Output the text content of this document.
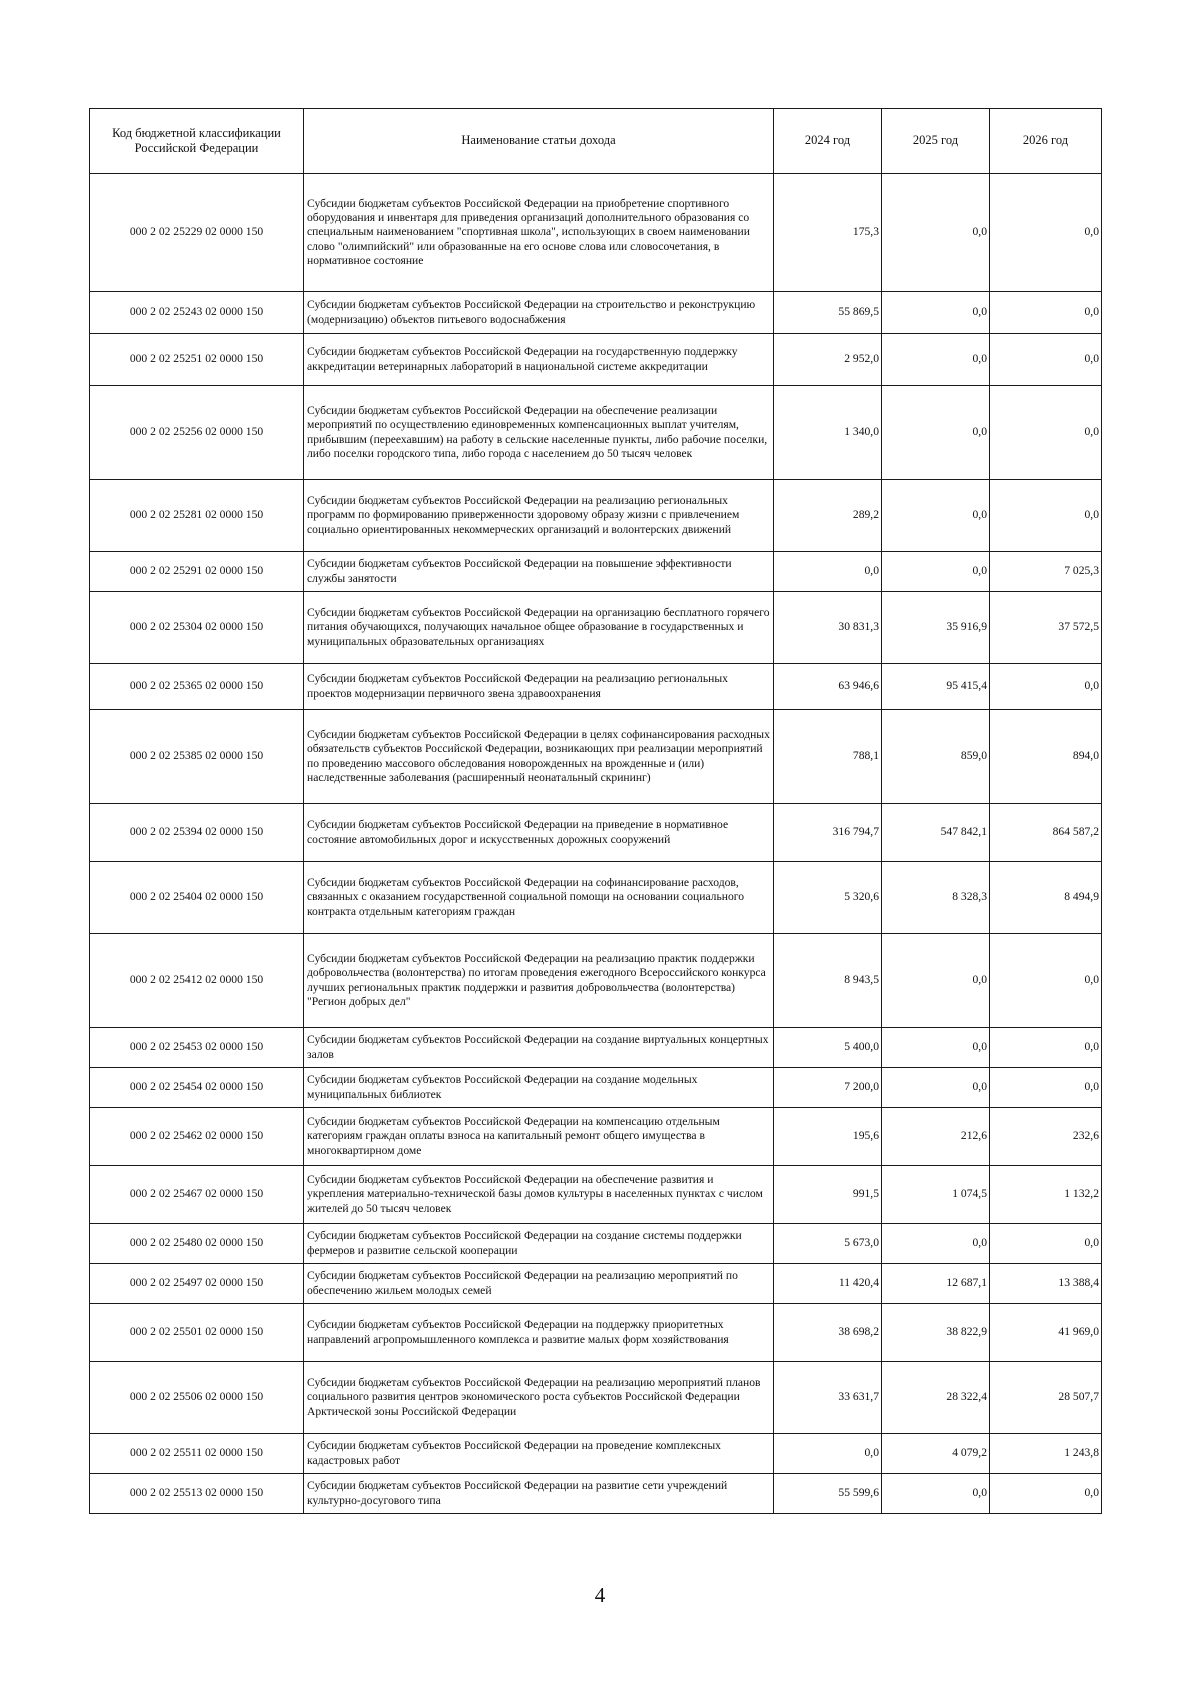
Код бюджетной классификации Российской Федерации	Наименование статьи дохода	2024 год	2025 год	2026 год
000 2 02 25229 02 0000 150	Субсидии бюджетам субъектов Российской Федерации на приобретение спортивного оборудования и инвентаря для приведения организаций дополнительного образования со специальным наименованием "спортивная школа", использующих в своем наименовании слово "олимпийский" или образованные на его основе слова или словосочетания, в нормативное состояние	175,3	0,0	0,0
000 2 02 25243 02 0000 150	Субсидии бюджетам субъектов Российской Федерации на строительство и реконструкцию (модернизацию) объектов питьевого водоснабжения	55 869,5	0,0	0,0
000 2 02 25251 02 0000 150	Субсидии бюджетам субъектов Российской Федерации на государственную поддержку аккредитации ветеринарных лабораторий в национальной системе аккредитации	2 952,0	0,0	0,0
000 2 02 25256 02 0000 150	Субсидии бюджетам субъектов Российской Федерации на обеспечение реализации мероприятий по осуществлению единовременных компенсационных выплат учителям, прибывшим (переехавшим) на работу в сельские населенные пункты, либо рабочие поселки, либо поселки городского типа, либо города с населением до 50 тысяч человек	1 340,0	0,0	0,0
000 2 02 25281 02 0000 150	Субсидии бюджетам субъектов Российской Федерации на реализацию региональных программ по формированию приверженности здоровому образу жизни с привлечением социально ориентированных некоммерческих организаций и волонтерских движений	289,2	0,0	0,0
000 2 02 25291 02 0000 150	Субсидии бюджетам субъектов Российской Федерации на повышение эффективности службы занятости	0,0	0,0	7 025,3
000 2 02 25304 02 0000 150	Субсидии бюджетам субъектов Российской Федерации на организацию бесплатного горячего питания обучающихся, получающих начальное общее образование в государственных и муниципальных образовательных организациях	30 831,3	35 916,9	37 572,5
000 2 02 25365 02 0000 150	Субсидии бюджетам субъектов Российской Федерации на реализацию региональных проектов модернизации первичного звена здравоохранения	63 946,6	95 415,4	0,0
000 2 02 25385 02 0000 150	Субсидии бюджетам субъектов Российской Федерации в целях софинансирования расходных обязательств субъектов Российской Федерации, возникающих при реализации мероприятий по проведению массового обследования новорожденных на врожденные и (или) наследственные заболевания (расширенный неонатальный скрининг)	788,1	859,0	894,0
000 2 02 25394 02 0000 150	Субсидии бюджетам субъектов Российской Федерации на приведение в нормативное состояние автомобильных дорог и искусственных дорожных сооружений	316 794,7	547 842,1	864 587,2
000 2 02 25404 02 0000 150	Субсидии бюджетам субъектов Российской Федерации на софинансирование расходов, связанных с оказанием государственной социальной помощи на основании социального контракта отдельным категориям граждан	5 320,6	8 328,3	8 494,9
000 2 02 25412 02 0000 150	Субсидии бюджетам субъектов Российской Федерации на реализацию практик поддержки добровольчества (волонтерства) по итогам проведения ежегодного Всероссийского конкурса лучших региональных практик поддержки и развития добровольчества (волонтерства) "Регион добрых дел"	8 943,5	0,0	0,0
000 2 02 25453 02 0000 150	Субсидии бюджетам субъектов Российской Федерации на создание виртуальных концертных залов	5 400,0	0,0	0,0
000 2 02 25454 02 0000 150	Субсидии бюджетам субъектов Российской Федерации на создание модельных муниципальных библиотек	7 200,0	0,0	0,0
000 2 02 25462 02 0000 150	Субсидии бюджетам субъектов Российской Федерации на компенсацию отдельным категориям граждан оплаты взноса на капитальный ремонт общего имущества в многоквартирном доме	195,6	212,6	232,6
000 2 02 25467 02 0000 150	Субсидии бюджетам субъектов Российской Федерации на обеспечение развития и укрепления материально-технической базы домов культуры в населенных пунктах с числом жителей до 50 тысяч человек	991,5	1 074,5	1 132,2
000 2 02 25480 02 0000 150	Субсидии бюджетам субъектов Российской Федерации на создание системы поддержки фермеров и развитие сельской кооперации	5 673,0	0,0	0,0
000 2 02 25497 02 0000 150	Субсидии бюджетам субъектов Российской Федерации на реализацию мероприятий по обеспечению жильем молодых семей	11 420,4	12 687,1	13 388,4
000 2 02 25501 02 0000 150	Субсидии бюджетам субъектов Российской Федерации на поддержку приоритетных направлений агропромышленного комплекса и развитие малых форм хозяйствования	38 698,2	38 822,9	41 969,0
000 2 02 25506 02 0000 150	Субсидии бюджетам субъектов Российской Федерации на реализацию мероприятий планов социального развития центров экономического роста субъектов Российской Федерации Арктической зоны Российской Федерации	33 631,7	28 322,4	28 507,7
000 2 02 25511 02 0000 150	Субсидии бюджетам субъектов Российской Федерации на проведение комплексных кадастровых работ	0,0	4 079,2	1 243,8
000 2 02 25513 02 0000 150	Субсидии бюджетам субъектов Российской Федерации на развитие сети учреждений культурно-досугового типа	55 599,6	0,0	0,0
4
